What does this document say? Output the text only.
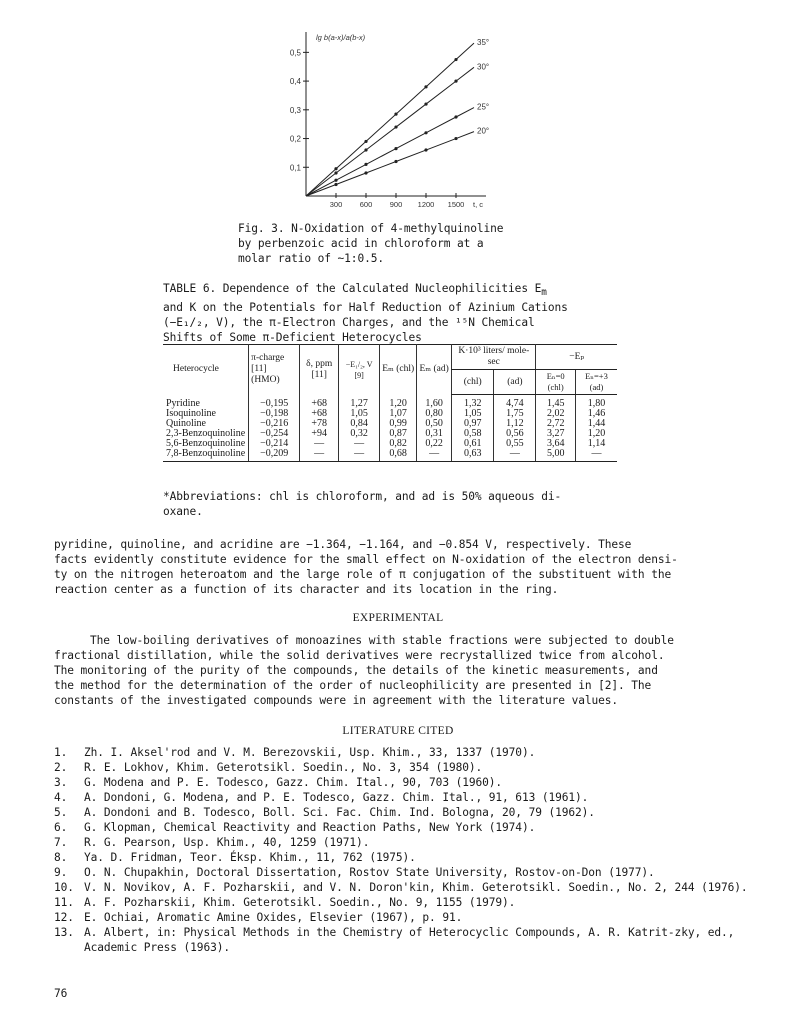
0,1
0,2
0,3
0,4
0,5
300 600 900 1200 1500 t, c
lg b(a-x)/a(b-x)
35°
30°
25°
20°
Fig. 3. N-Oxidation of 4-methylquinoline
by perbenzoic acid in chloroform at a
molar ratio of ~1:0.5.
TABLE 6. Dependence of the Calculated Nucleophilicities $E_m$
and K on the Potentials for Half Reduction of Azinium Cations
(−E₁/₂, V), the π-Electron Charges, and the ¹⁵N Chemical
Shifts of Some π-Deficient Heterocycles
Heterocycle	π-charge [11] (HMO)	δ, ppm [11]	−E₁/₂, V [9]	Eₘ (chl)	Eₘ (ad)	K·10³ liters/ mole-sec		−Eₚ	
						(chl)	(ad)	Eₙ=0 (chl)	Eₙ=+3 (ad)
Pyridine	−0,195	+68	1,27	1,20	1,60	1,32	4,74	1,45	1,80
Isoquinoline	−0,198	+68	1,05	1,07	0,80	1,05	1,75	2,02	1,46
Quinoline	−0,216	+78	0,84	0,99	0,50	0,97	1,12	2,72	1,44
2,3-Benzoquinoline	−0,254	+94	0,32	0,87	0,31	0,58	0,56	3,27	1,20
5,6-Benzoquinoline	−0,214	—	—	0,82	0,22	0,61	0,55	3,64	1,14
7,8-Benzoquinoline	−0,209	—	—	0,68	—	0,63	—	5,00	—
*Abbreviations: chl is chloroform, and ad is 50% aqueous di-
oxane.
pyridine, quinoline, and acridine are −1.364, −1.164, and −0.854 V, respectively. These
facts evidently constitute evidence for the small effect on N-oxidation of the electron densi-
ty on the nitrogen heteroatom and the large role of π conjugation of the substituent with the
reaction center as a function of its character and its location in the ring.
EXPERIMENTAL
The low-boiling derivatives of monoazines with stable fractions were subjected to double
fractional distillation, while the solid derivatives were recrystallized twice from alcohol.
The monitoring of the purity of the compounds, the details of the kinetic measurements, and
the method for the determination of the order of nucleophilicity are presented in [2]. The
constants of the investigated compounds were in agreement with the literature values.
LITERATURE CITED
1.	Zh. I. Aksel'rod and V. M. Berezovskii, Usp. Khim., 33, 1337 (1970).
2.	R. E. Lokhov, Khim. Geterotsikl. Soedin., No. 3, 354 (1980).
3.	G. Modena and P. E. Todesco, Gazz. Chim. Ital., 90, 703 (1960).
4.	A. Dondoni, G. Modena, and P. E. Todesco, Gazz. Chim. Ital., 91, 613 (1961).
5.	A. Dondoni and B. Todesco, Boll. Sci. Fac. Chim. Ind. Bologna, 20, 79 (1962).
6.	G. Klopman, Chemical Reactivity and Reaction Paths, New York (1974).
7.	R. G. Pearson, Usp. Khim., 40, 1259 (1971).
8.	Ya. D. Fridman, Teor. Éksp. Khim., 11, 762 (1975).
9.	O. N. Chupakhin, Doctoral Dissertation, Rostov State University, Rostov-on-Don (1977).
10. V. N. Novikov, A. F. Pozharskii, and V. N. Doron'kin, Khim. Geterotsikl. Soedin., No. 2, 244 (1976).
11. A. F. Pozharskii, Khim. Geterotsikl. Soedin., No. 9, 1155 (1979).
12. E. Ochiai, Aromatic Amine Oxides, Elsevier (1967), p. 91.
13. A. Albert, in: Physical Methods in the Chemistry of Heterocyclic Compounds, A. R. Katrit-zky, ed., Academic Press (1963).
76
